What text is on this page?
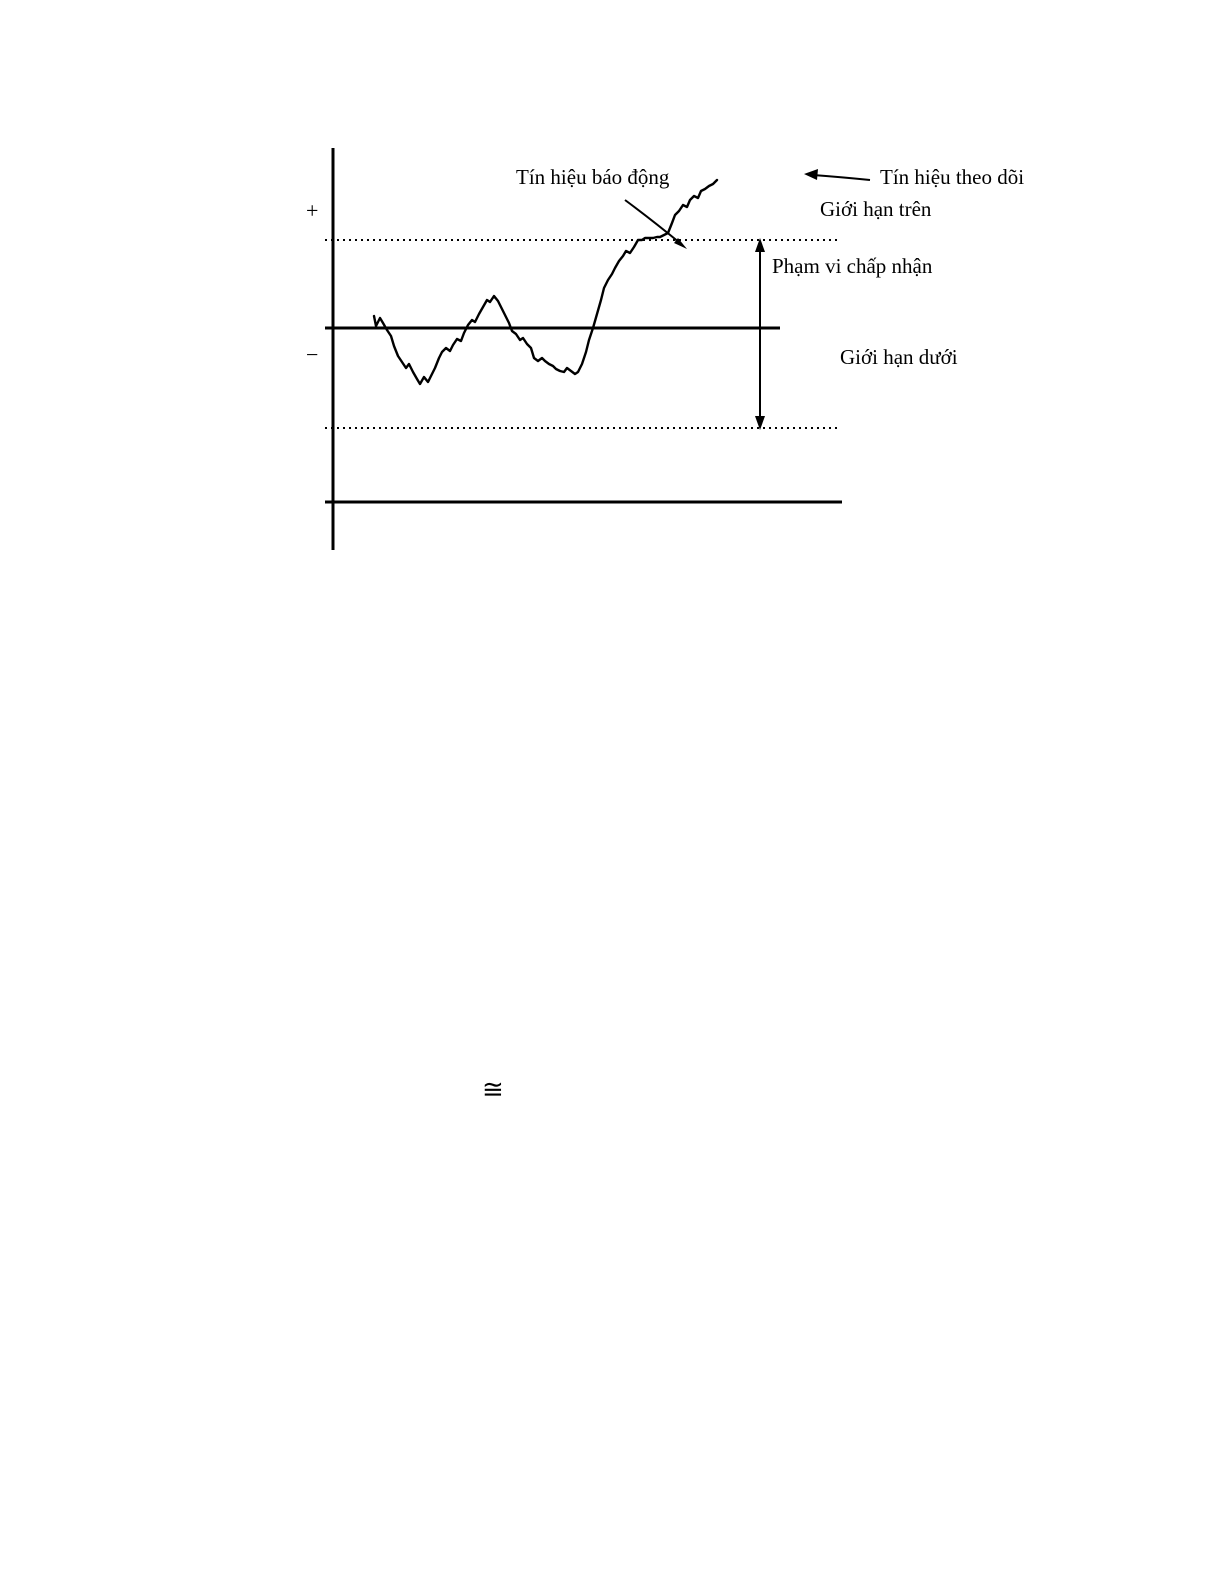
+
−
Tín hiệu báo động	Tín hiệu theo dõi
Giới hạn trên
Phạm vi chấp nhận
Giới hạn dưới
≅
